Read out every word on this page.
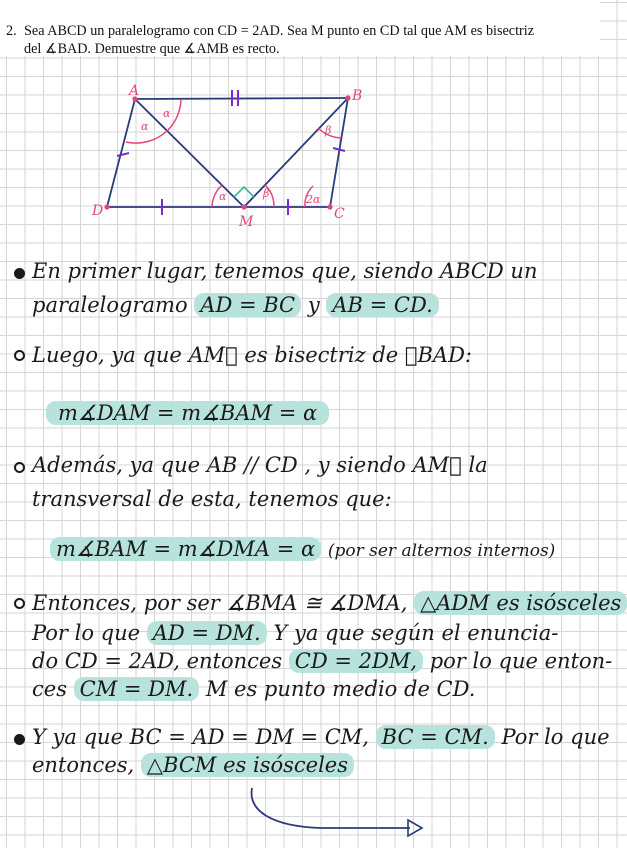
2. Sea ABCD un paralelogramo con CD = 2AD. Sea M punto en CD tal que AM es bisectriz
del ∡BAD. Demuestre que ∡AMB es recto.
A	B
C
D
M
α
α
α	β
β
2α
En primer lugar, tenemos que, siendo ABCD un
paralelogramo AD = BC y AB = CD.
Luego, ya que AM⃗ es bisectriz de ∡BAD:
m∡DAM = m∡BAM = α
Además, ya que AB // CD , y siendo AM⃗ la
transversal de esta, tenemos que:
m∡BAM = m∡DMA = α (por ser alternos internos)
Entonces, por ser ∡BMA ≅ ∡DMA, △ADM es isósceles
Por lo que AD = DM. Y ya que según el enuncia-
do CD = 2AD, entonces CD = 2DM, por lo que enton-
ces CM = DM. M es punto medio de CD.
Y ya que BC = AD = DM = CM, BC = CM. Por lo que
entonces, △BCM es isósceles
